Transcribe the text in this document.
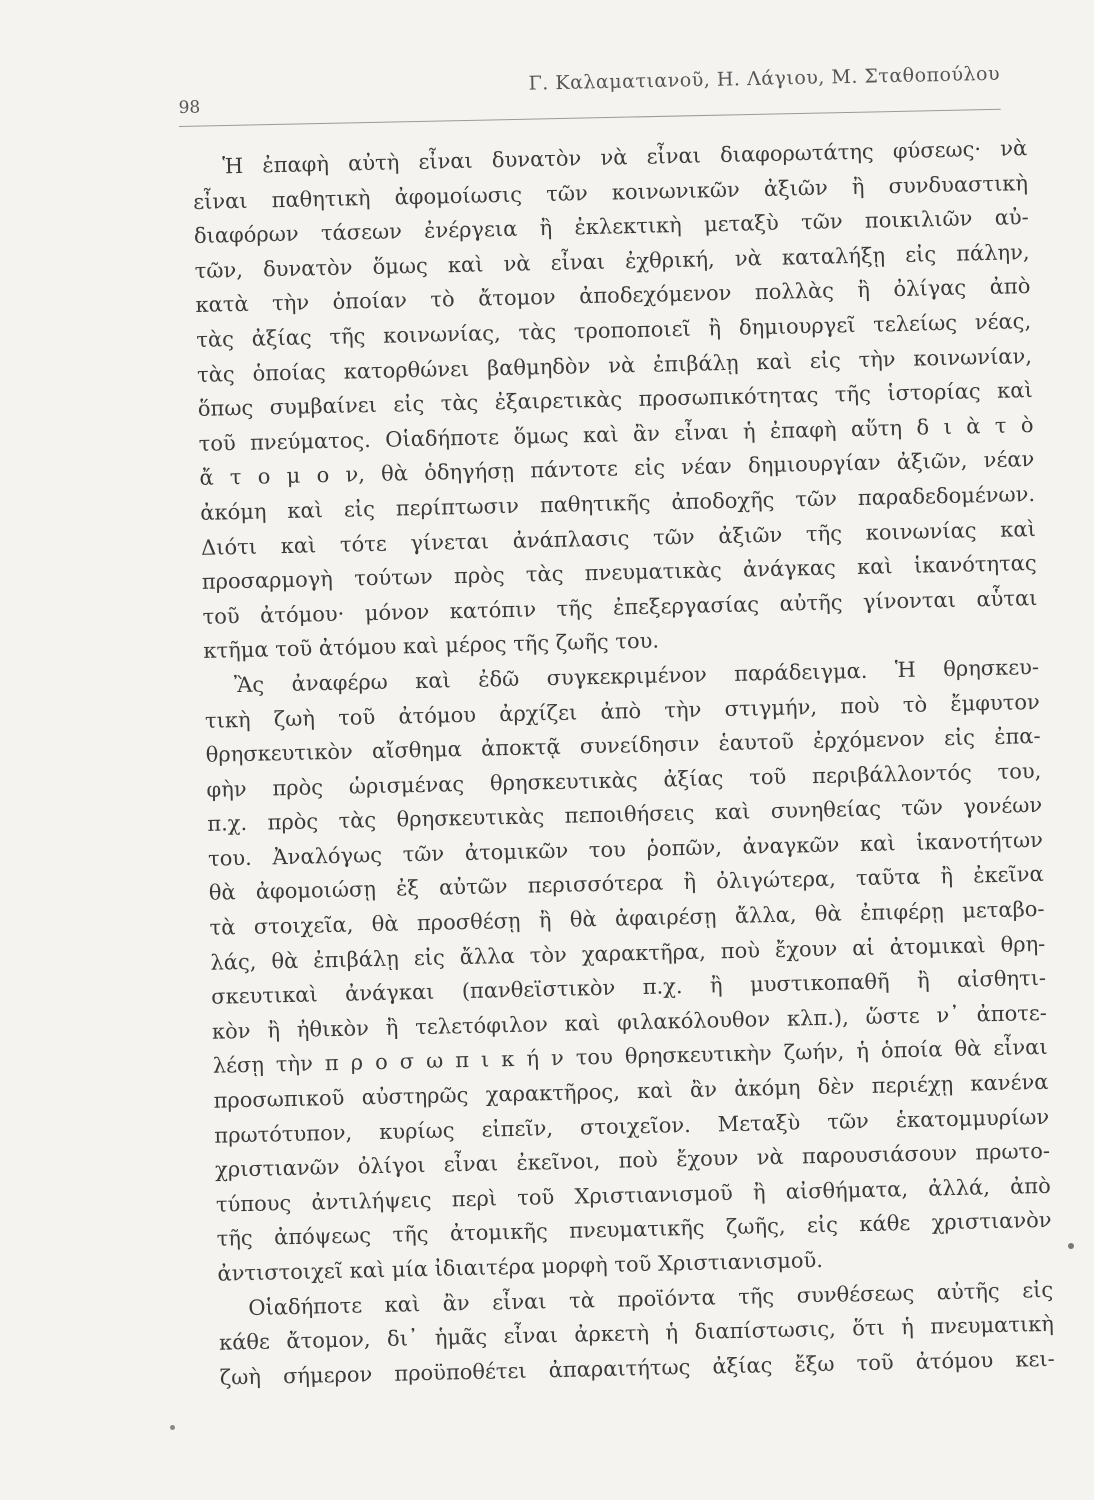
98
Γ. Καλαματιανοῦ, Η. Λάγιου, Μ. Σταθοπούλου
Ἡ ἐπαφὴ αὐτὴ εἶναι δυνατὸν νὰ εἶναι διαφορωτάτης φύσεως· νὰ
εἶναι παθητικὴ ἀφομοίωσις τῶν κοινωνικῶν ἀξιῶν ἢ συνδυαστικὴ
διαφόρων τάσεων ἐνέργεια ἢ ἐκλεκτικὴ μεταξὺ τῶν ποικιλιῶν αὐ-
τῶν, δυνατὸν ὅμως καὶ νὰ εἶναι ἐχθρική, νὰ καταλήξῃ εἰς πάλην,
κατὰ τὴν ὁποίαν τὸ ἄτομον ἀποδεχόμενον πολλὰς ἢ ὀλίγας ἀπὸ
τὰς ἀξίας τῆς κοινωνίας, τὰς τροποποιεῖ ἢ δημιουργεῖ τελείως νέας,
τὰς ὁποίας κατορθώνει βαθμηδὸν νὰ ἐπιβάλῃ καὶ εἰς τὴν κοινωνίαν,
ὅπως συμβαίνει εἰς τὰς ἐξαιρετικὰς προσωπικότητας τῆς ἱστορίας καὶ
τοῦ πνεύματος. Οἱαδήποτε ὅμως καὶ ἂν εἶναι ἡ ἐπαφὴ αὕτη δ ι ὰ τ ὸ
ἄ τ ο μ ο ν, θὰ ὁδηγήσῃ πάντοτε εἰς νέαν δημιουργίαν ἀξιῶν, νέαν
ἀκόμη καὶ εἰς περίπτωσιν παθητικῆς ἀποδοχῆς τῶν παραδεδομένων.
Διότι καὶ τότε γίνεται ἀνάπλασις τῶν ἀξιῶν τῆς κοινωνίας καὶ
προσαρμογὴ τούτων πρὸς τὰς πνευματικὰς ἀνάγκας καὶ ἱκανότητας
τοῦ ἀτόμου· μόνον κατόπιν τῆς ἐπεξεργασίας αὐτῆς γίνονται αὗται
κτῆμα τοῦ ἀτόμου καὶ μέρος τῆς ζωῆς του.
Ἂς ἀναφέρω καὶ ἐδῶ συγκεκριμένον παράδειγμα. Ἡ θρησκευ-
τικὴ ζωὴ τοῦ ἀτόμου ἀρχίζει ἀπὸ τὴν στιγμήν, ποὺ τὸ ἔμφυτον
θρησκευτικὸν αἴσθημα ἀποκτᾷ συνείδησιν ἑαυτοῦ ἐρχόμενον εἰς ἐπα-
φὴν πρὸς ὡρισμένας θρησκευτικὰς ἀξίας τοῦ περιβάλλοντός του,
π.χ. πρὸς τὰς θρησκευτικὰς πεποιθήσεις καὶ συνηθείας τῶν γονέων
του. Ἀναλόγως τῶν ἀτομικῶν του ῥοπῶν, ἀναγκῶν καὶ ἱκανοτήτων
θὰ ἀφομοιώσῃ ἐξ αὐτῶν περισσότερα ἢ ὀλιγώτερα, ταῦτα ἢ ἐκεῖνα
τὰ στοιχεῖα, θὰ προσθέσῃ ἢ θὰ ἀφαιρέσῃ ἄλλα, θὰ ἐπιφέρῃ μεταβο-
λάς, θὰ ἐπιβάλῃ εἰς ἄλλα τὸν χαρακτῆρα, ποὺ ἔχουν αἱ ἀτομικαὶ θρη-
σκευτικαὶ ἀνάγκαι (πανθεϊστικὸν π.χ. ἢ μυστικοπαθῆ ἢ αἰσθητι-
κὸν ἢ ἠθικὸν ἢ τελετόφιλον καὶ φιλακόλουθον κλπ.), ὥστε ν᾿ ἀποτε-
λέσῃ τὴν π ρ ο σ ω π ι κ ή ν του θρησκευτικὴν ζωήν, ἡ ὁποία θὰ εἶναι
προσωπικοῦ αὐστηρῶς χαρακτῆρος, καὶ ἂν ἀκόμη δὲν περιέχῃ κανένα
πρωτότυπον, κυρίως εἰπεῖν, στοιχεῖον. Μεταξὺ τῶν ἑκατομμυρίων
χριστιανῶν ὀλίγοι εἶναι ἐκεῖνοι, ποὺ ἔχουν νὰ παρουσιάσουν πρωτο-
τύπους ἀντιλήψεις περὶ τοῦ Χριστιανισμοῦ ἢ αἰσθήματα, ἀλλά, ἀπὸ
τῆς ἀπόψεως τῆς ἀτομικῆς πνευματικῆς ζωῆς, εἰς κάθε χριστιανὸν
ἀντιστοιχεῖ καὶ μία ἰδιαιτέρα μορφὴ τοῦ Χριστιανισμοῦ.
Οἱαδήποτε καὶ ἂν εἶναι τὰ προϊόντα τῆς συνθέσεως αὐτῆς εἰς
κάθε ἄτομον, δι᾿ ἡμᾶς εἶναι ἀρκετὴ ἡ διαπίστωσις, ὅτι ἡ πνευματικὴ
ζωὴ σήμερον προϋποθέτει ἀπαραιτήτως ἀξίας ἔξω τοῦ ἀτόμου κει-
